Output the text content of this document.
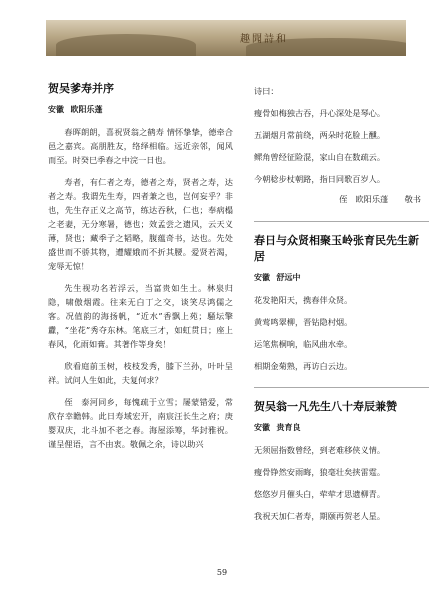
趣聞詩和
贺吴爹寿并序
安徽 欧阳乐蓬

春晖朗朗，喜祝贤翁之鹤寿 情怀挚挚，德牵合邑之嘉宾。高朋胜友，络绎相临。远近亲邻，闻风而至。时癸巳季春之中浣一日也。

寿者，有仁者之寿，德者之寿，贤者之寿，达者之寿。我谓先生寿，四者兼之也，岂何妄乎？非也，先生存正义之高节，练达吞秋，仁也；奉病榻之老妻，无分寒暑，德也；效孟尝之遗风，云天义薄，贤也；藏季子之韬略，腹蕴奇书，达也。先处盛世而不骄其物，遭耀娥而不折其腰。爱贤若渴，宠辱无惊！

先生视功名若浮云，当富贵如生土。林泉归隐，啸傲烟霞。往来无白丁之交，谈笑尽鸿儒之客。况值韵的海扬帆，“近水”香飘上苑；騒坛擎纛，“坐花”秀夺东林。笔底三才，如虹贯日；座上春风，化雨如膏。其著作等身矣！

欣看庭前玉树，枝枝发秀，膝下兰孙，叶叶呈祥。试问人生如此，夫复何求？

侄　泰河同乡，每愧疏于立雪；屡蒙错爱，常欣存幸瞻韩。此日寿域宏开，南宸汪长生之府；庚婴双庆，北斗加不老之春。海屋添筹，华封雅祝。谨呈俚语，言不由衷。敬佩之余，诗以助兴

诗曰：
瘦骨如梅独古吞，丹心深处是琴心。
五湖烟月常前绕，两朵时花脸上醺。
鳏角曾经征险混，家山自在数疏云。
今朝稔步杖朝路，指日同歌百岁人。
侄　欧阳乐蓬　　敬书
春日与众贤相聚玉岭张育民先生新居
安徽 舒远中
花发艳阳天，携春伴众贤。
黄莺鸣翠柳，晋钻隐村烟。
运笔焦桐响，临风曲水牵。
相期金菊熟，再访白云边。
贺吴翁一凡先生八十寿辰兼赞
安徽 贵育良
无须屈指数曾经，到老难移侠义情。
瘦骨铮然安雨晦，狼毫壮矣挟雷霆。
悠悠岁月催头白，荦荦才思遗柳青。
我祝天加仁者寿，期颐再贺老人星。
59
